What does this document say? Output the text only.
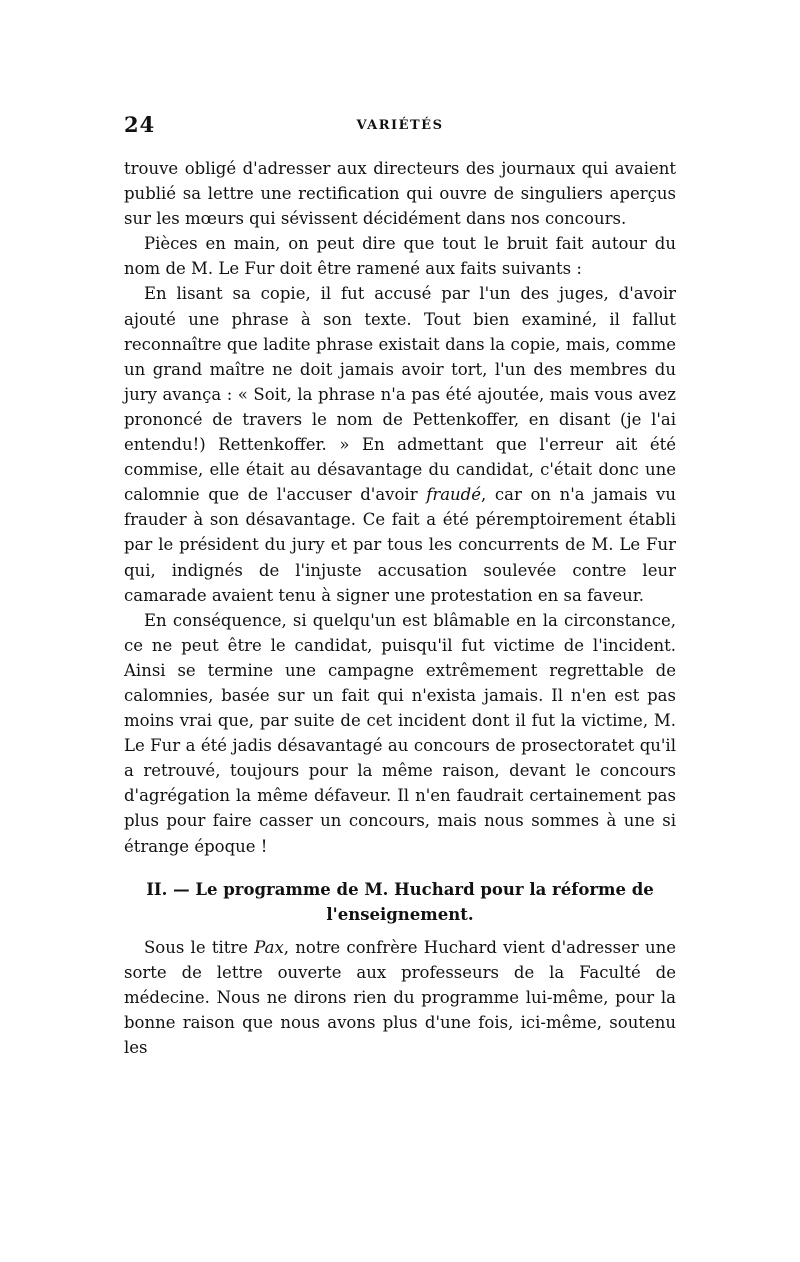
24	VARIÉTÉS

trouve obligé d'adresser aux directeurs des journaux qui avaient publié sa lettre une rectification qui ouvre de singuliers aperçus sur les mœurs qui sévissent décidément dans nos concours.

Pièces en main, on peut dire que tout le bruit fait autour du nom de M. Le Fur doit être ramené aux faits suivants :

En lisant sa copie, il fut accusé par l'un des juges, d'avoir ajouté une phrase à son texte. Tout bien examiné, il fallut reconnaître que ladite phrase existait dans la copie, mais, comme un grand maître ne doit jamais avoir tort, l'un des membres du jury avança : « Soit, la phrase n'a pas été ajoutée, mais vous avez prononcé de travers le nom de Pettenkoffer, en disant (je l'ai entendu!) Rettenkoffer. » En admettant que l'erreur ait été commise, elle était au désavantage du candidat, c'était donc une calomnie que de l'accuser d'avoir fraudé, car on n'a jamais vu frauder à son désavantage. Ce fait a été péremptoirement établi par le président du jury et par tous les concurrents de M. Le Fur qui, indignés de l'injuste accusation soulevée contre leur camarade avaient tenu à signer une protestation en sa faveur.

En conséquence, si quelqu'un est blâmable en la circonstance, ce ne peut être le candidat, puisqu'il fut victime de l'incident. Ainsi se termine une campagne extrêmement regrettable de calomnies, basée sur un fait qui n'exista jamais. Il n'en est pas moins vrai que, par suite de cet incident dont il fut la victime, M. Le Fur a été jadis désavantagé au concours de prosectoratet qu'il a retrouvé, toujours pour la même raison, devant le concours d'agrégation la même défaveur. Il n'en faudrait certainement pas plus pour faire casser un concours, mais nous sommes à une si étrange époque !

II. — Le programme de M. Huchard pour la réforme de l'enseignement.

Sous le titre Pax, notre confrère Huchard vient d'adresser une sorte de lettre ouverte aux professeurs de la Faculté de médecine. Nous ne dirons rien du programme lui-même, pour la bonne raison que nous avons plus d'une fois, ici-même, soutenu les
